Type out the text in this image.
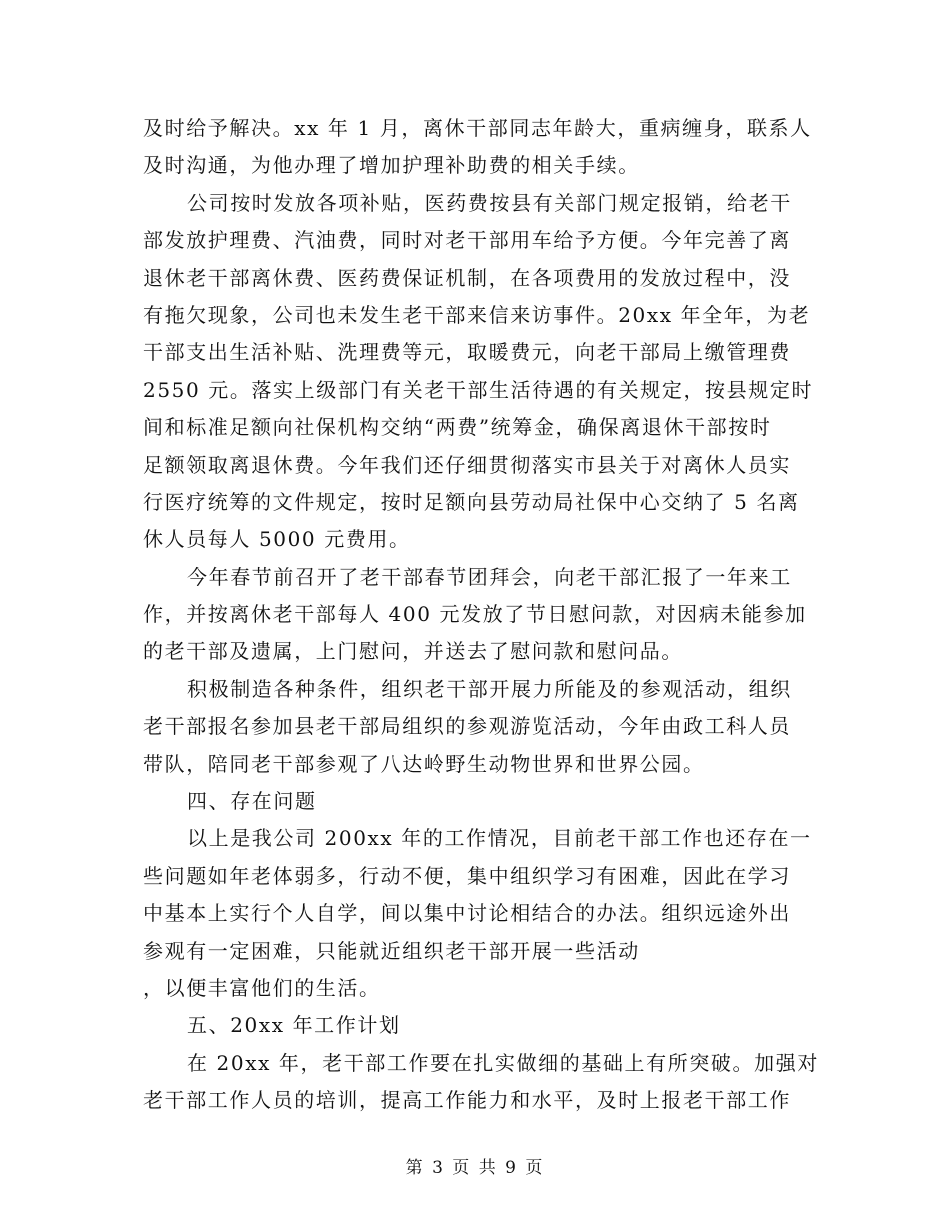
及时给予解决。xx 年 1 月，离休干部同志年龄大，重病缠身，联系人
及时沟通，为他办理了增加护理补助费的相关手续。
公司按时发放各项补贴，医药费按县有关部门规定报销，给老干
部发放护理费、汽油费，同时对老干部用车给予方便。今年完善了离
退休老干部离休费、医药费保证机制，在各项费用的发放过程中，没
有拖欠现象，公司也未发生老干部来信来访事件。20xx 年全年，为老
干部支出生活补贴、洗理费等元，取暖费元，向老干部局上缴管理费
2550 元。落实上级部门有关老干部生活待遇的有关规定，按县规定时
间和标准足额向社保机构交纳“两费”统筹金，确保离退休干部按时
足额领取离退休费。今年我们还仔细贯彻落实市县关于对离休人员实
行医疗统筹的文件规定，按时足额向县劳动局社保中心交纳了 5 名离
休人员每人 5000 元费用。
今年春节前召开了老干部春节团拜会，向老干部汇报了一年来工
作，并按离休老干部每人 400 元发放了节日慰问款，对因病未能参加
的老干部及遗属，上门慰问，并送去了慰问款和慰问品。
积极制造各种条件，组织老干部开展力所能及的参观活动，组织
老干部报名参加县老干部局组织的参观游览活动，今年由政工科人员
带队，陪同老干部参观了八达岭野生动物世界和世界公园。
四、存在问题
以上是我公司 200xx 年的工作情况，目前老干部工作也还存在一
些问题如年老体弱多，行动不便，集中组织学习有困难，因此在学习
中基本上实行个人自学，间以集中讨论相结合的办法。组织远途外出
参观有一定困难，只能就近组织老干部开展一些活动
，以便丰富他们的生活。
五、20xx 年工作计划
在 20xx 年，老干部工作要在扎实做细的基础上有所突破。加强对
老干部工作人员的培训，提高工作能力和水平，及时上报老干部工作
第 3 页 共 9 页
